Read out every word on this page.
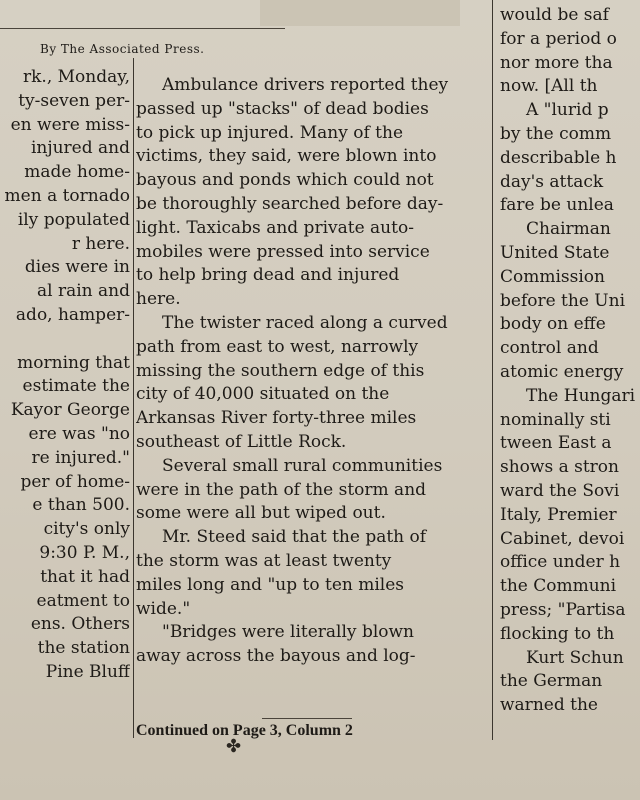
By The Associated Press.
rk., Monday,
ty-seven per-
en were miss-
injured and
made home-
men a tornado
ily populated
r here.
dies were in
al rain and
ado, hamper-
morning that
estimate the
Kayor George
ere was "no
re injured."
per of home-
e than 500.
city's only
9:30 P. M.,
that it had
eatment to
ens. Others
the station
Pine Bluff
Ambulance drivers reported they
passed up "stacks" of dead bodies
to pick up injured. Many of the
victims, they said, were blown into
bayous and ponds which could not
be thoroughly searched before day-
light. Taxicabs and private auto-
mobiles were pressed into service
to help bring dead and injured
here.
The twister raced along a curved
path from east to west, narrowly
missing the southern edge of this
city of 40,000 situated on the
Arkansas River forty-three miles
southeast of Little Rock.
Several small rural communities
were in the path of the storm and
some were all but wiped out.
Mr. Steed said that the path of
the storm was at least twenty
miles long and "up to ten miles
wide."
"Bridges were literally blown
away across the bayous and log-
would be saf
for a period o
nor more tha
now. [All th
A "lurid p
by the comm
describable h
day's attack
fare be unlea
Chairman
United State
Commission
before the Uni
body on effe
control and
atomic energy
The Hungari
nominally sti
tween East a
shows a stron
ward the Sovi
Italy, Premier
Cabinet, devoi
office under h
the Communi
press; "Partisa
flocking to th
Kurt Schun
the German
warned the
Continued on Page 3, Column 2
✤
